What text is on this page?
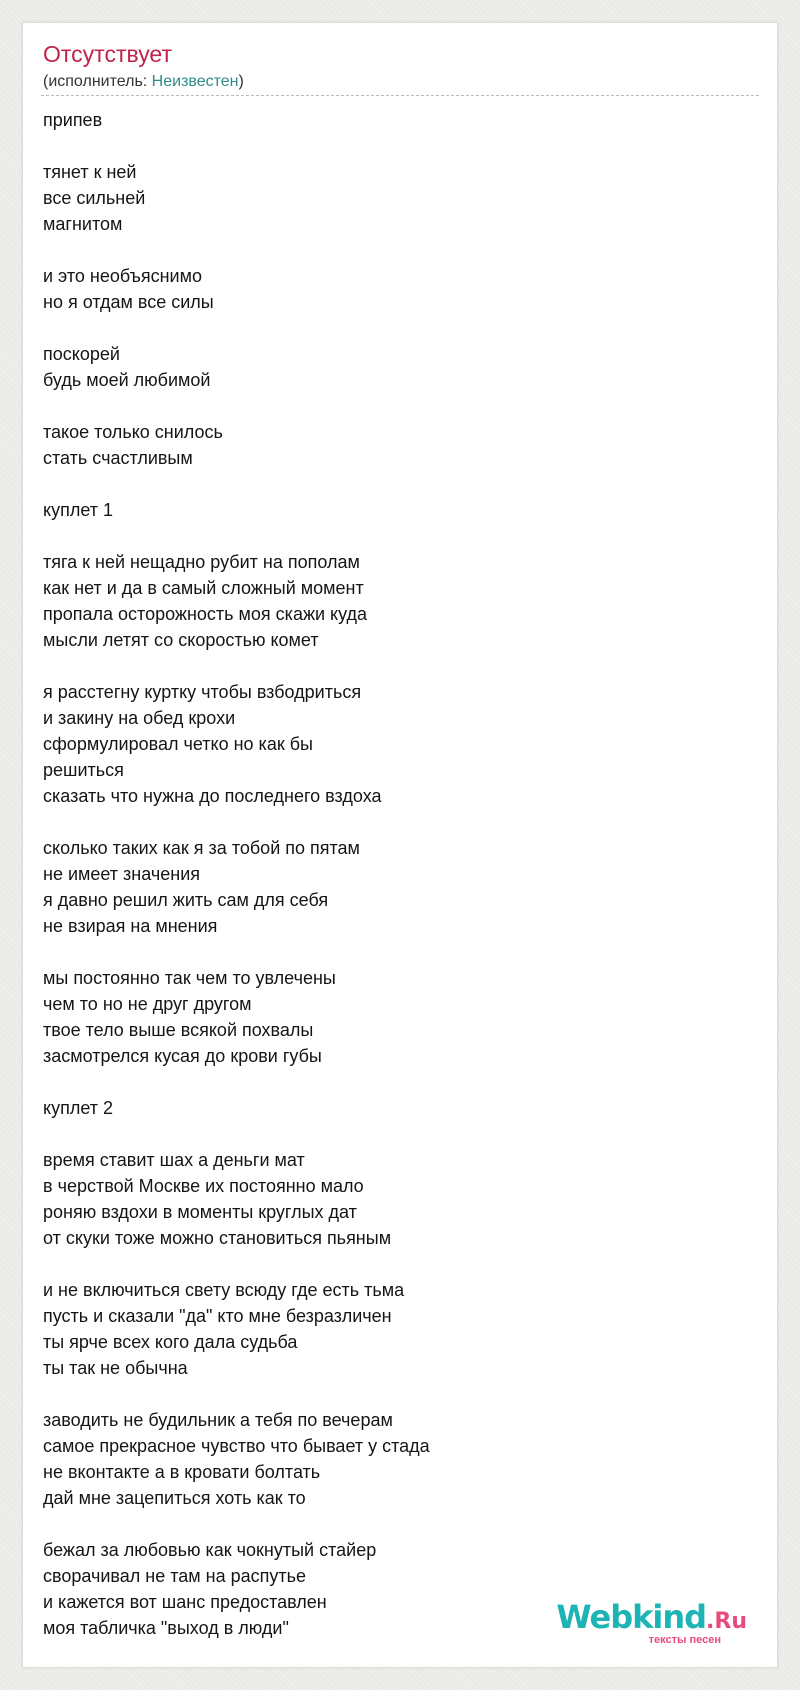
Отсутствует
(исполнитель: Неизвестен)
припев

тянет к ней
все сильней
магнитом

и это необъяснимо
но я отдам все силы

поскорей
будь моей любимой

такое только снилось
стать счастливым

куплет 1

тяга к ней нещадно рубит на пополам
как нет и да в самый сложный момент
пропала осторожность моя скажи куда
мысли летят со скоростью комет

я расстегну куртку чтобы взбодриться
и закину на обед крохи
сформулировал четко но как бы
решиться
сказать что нужна до последнего вздоха

сколько таких как я за тобой по пятам
не имеет значения
я давно решил жить сам для себя
не взирая на мнения

мы постоянно так чем то увлечены
чем то но не друг другом
твое тело выше всякой похвалы
засмотрелся кусая до крови губы

куплет 2

время ставит шах а деньги мат
в черствой Москве их постоянно мало
роняю вздохи в моменты круглых дат
от скуки тоже можно становиться пьяным

и не включиться свету всюду где есть тьма
пусть и сказали "да" кто мне безразличен
ты ярче всех кого дала судьба
ты так не обычна

заводить не будильник а тебя по вечерам
самое прекрасное чувство что бывает у стада
не вконтакте а в кровати болтать
дай мне зацепиться хоть как то

бежал за любовью как чокнутый стайер
сворачивал не там на распутье
и кажется вот шанс предоставлен
моя табличка "выход в люди"	Webkind.Ru
тексты песен
